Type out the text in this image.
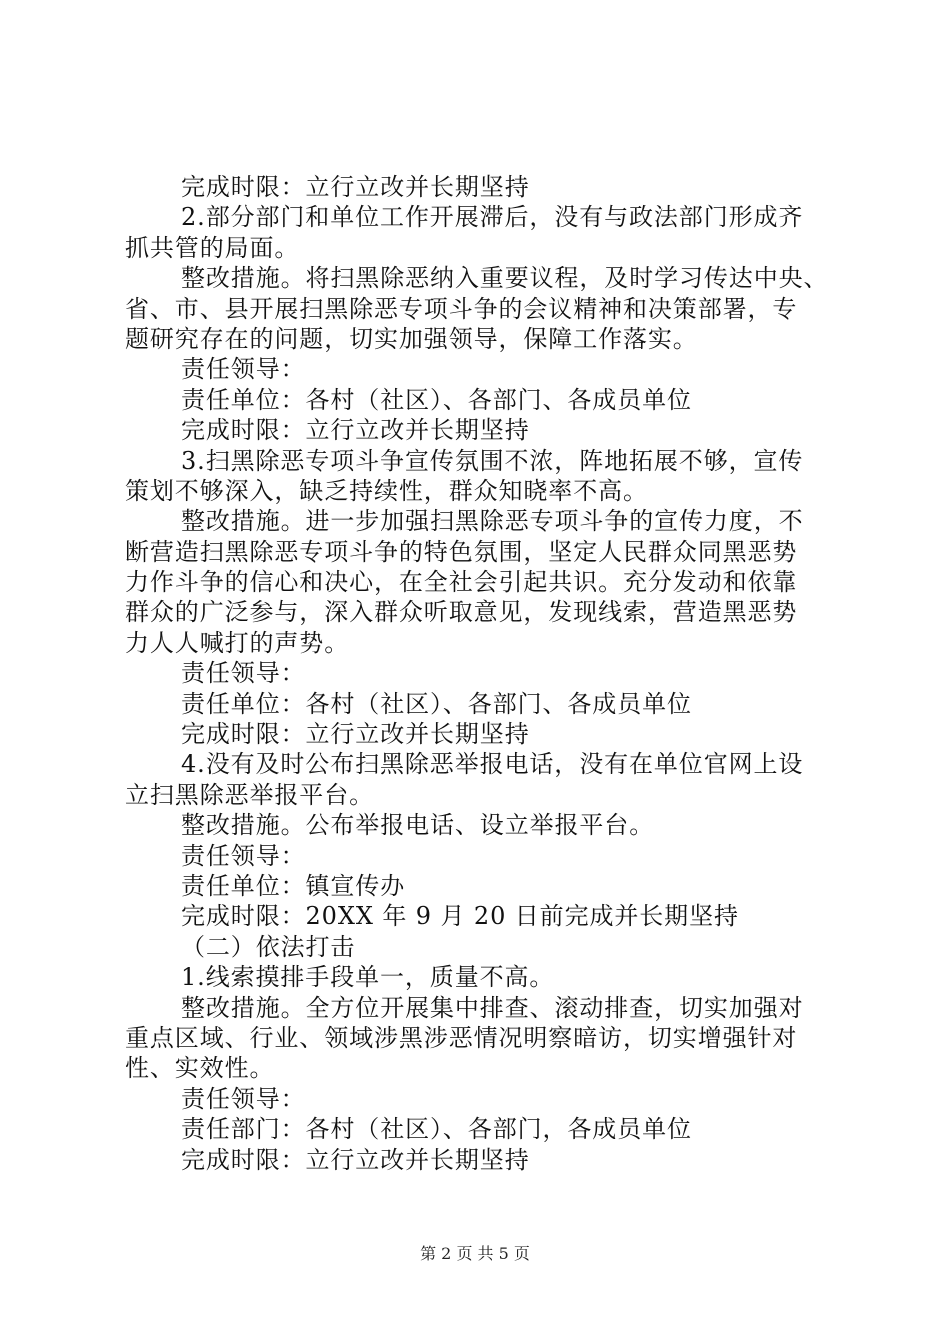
完成时限：立行立改并长期坚持
2.部分部门和单位工作开展滞后，没有与政法部门形成齐
抓共管的局面。
整改措施。将扫黑除恶纳入重要议程，及时学习传达中央、
省、市、县开展扫黑除恶专项斗争的会议精神和决策部署，专
题研究存在的问题，切实加强领导，保障工作落实。
责任领导：
责任单位：各村（社区）、各部门、各成员单位
完成时限：立行立改并长期坚持
3.扫黑除恶专项斗争宣传氛围不浓，阵地拓展不够，宣传
策划不够深入，缺乏持续性，群众知晓率不高。
整改措施。进一步加强扫黑除恶专项斗争的宣传力度，不
断营造扫黑除恶专项斗争的特色氛围，坚定人民群众同黑恶势
力作斗争的信心和决心，在全社会引起共识。充分发动和依靠
群众的广泛参与，深入群众听取意见，发现线索，营造黑恶势
力人人喊打的声势。
责任领导：
责任单位：各村（社区）、各部门、各成员单位
完成时限：立行立改并长期坚持
4.没有及时公布扫黑除恶举报电话，没有在单位官网上设
立扫黑除恶举报平台。
整改措施。公布举报电话、设立举报平台。
责任领导：
责任单位：镇宣传办
完成时限：20XX 年 9 月 20 日前完成并长期坚持
（二）依法打击
1.线索摸排手段单一，质量不高。
整改措施。全方位开展集中排查、滚动排查，切实加强对
重点区域、行业、领域涉黑涉恶情况明察暗访，切实增强针对
性、实效性。
责任领导：
责任部门：各村（社区）、各部门，各成员单位
完成时限：立行立改并长期坚持
第 2 页 共 5 页
